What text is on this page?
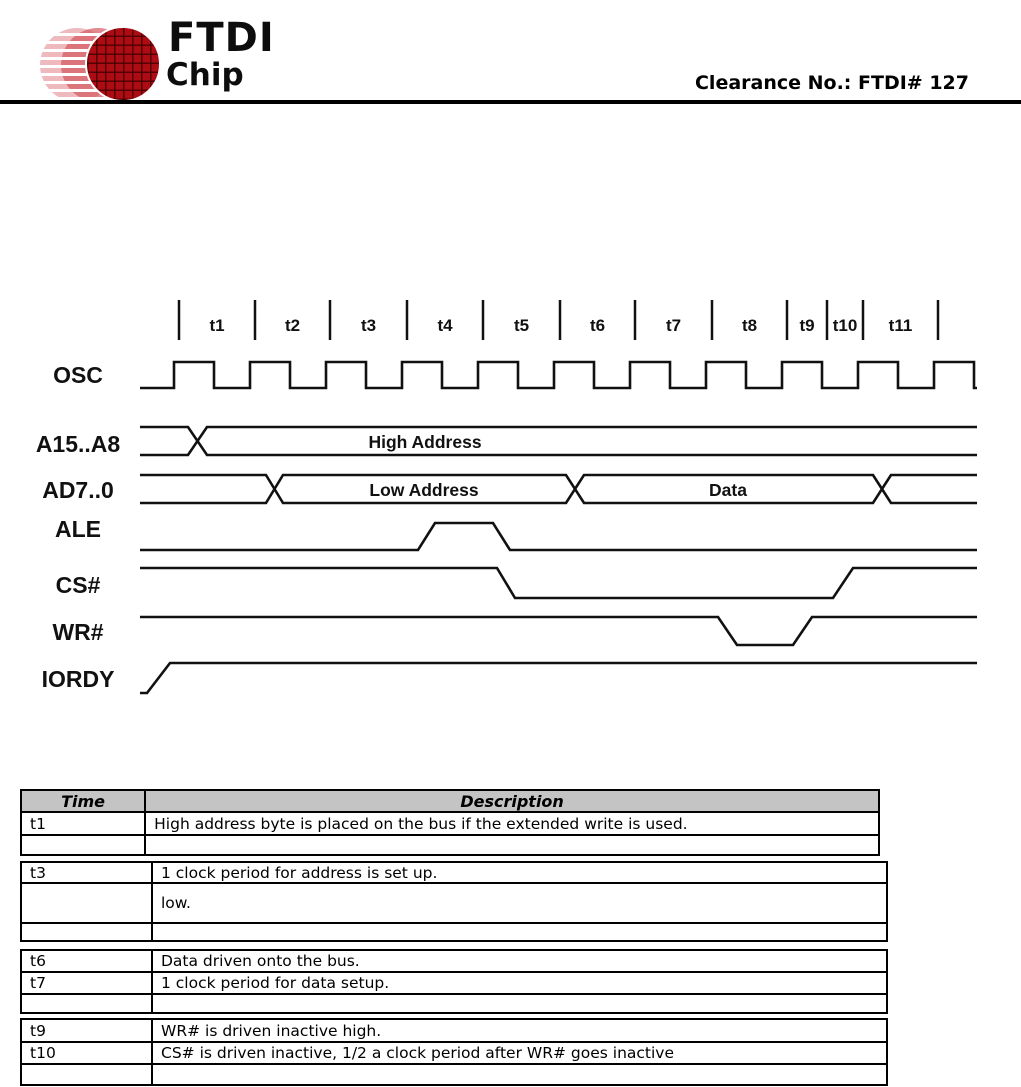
FTDI
Chip	Clearance No.: FTDI# 127
t1	t2	t3	t4	t5	t6	t7	t8 t9 t10 t11
OSC
A15..A8
AD7..0
ALE
CS#
WR#
IORDY
High Address
Low Address	Data
Time	Description
t1	High address byte is placed on the bus if the extended write is used.

t3	1 clock period for address is set up.
	low.

t6	Data driven onto the bus.
t7	1 clock period for data setup.

t9	WR# is driven inactive high.
t10	CS# is driven inactive, 1/2 a clock period after WR# goes inactive
